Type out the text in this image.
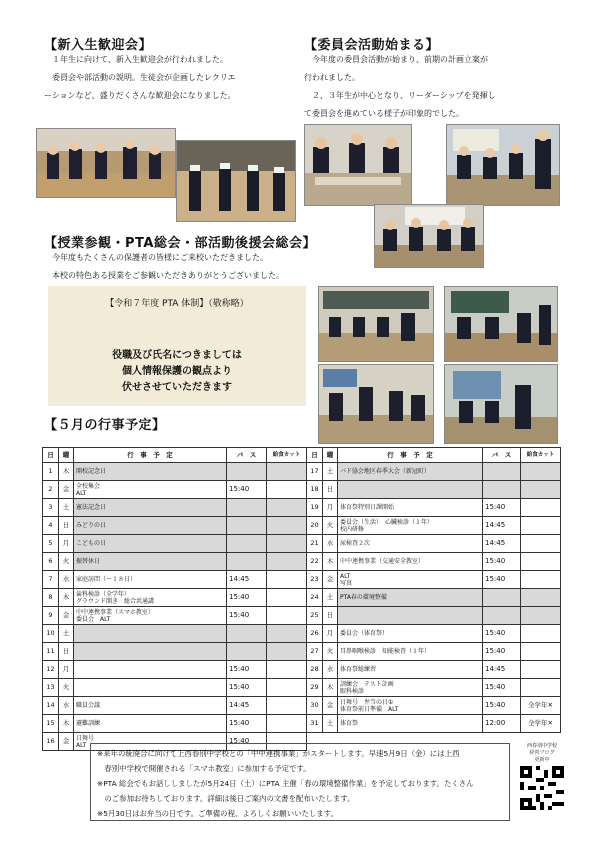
【新入生歓迎会】
１年生に向けて、新入生歓迎会が行われました。
委員会や部活動の説明。生徒会が企画したレクリエ
ーションなど、盛りだくさんな歓迎会になりました。
【委員会活動始まる】
今年度の委員会活動が始まり、前期の計画立案が
行われました。
２，３年生が中心となり、リーダーシップを発揮し
て委員会を進めている様子が印象的でした。
【授業参観・PTA総会・部活動後援会総会】
今年度もたくさんの保護者の皆様にご来校いただきました。
本校の特色ある授業をご参観いただきありがとうございました。
【令和７年度 PTA 体制】（敬称略）
役職及び氏名につきましては
個人情報保護の観点より
伏せさせていただきます
【５月の行事予定】
日	曜	行　事　予　定	バ　ス	給食カット
1	木	開校記念日		
2	金	全校集会
ALT	15:40	
3	土	憲法記念日		
4	日	みどりの日		
5	月	こどもの日		
6	火	振替休日		
7	水	家庭訪問（～１８日）	14:45	
8	木	歯科検診（全学年）
グラウンド開き　総合共通講	15:40	
9	金	中中連携事業（スマホ教室）
委員会　ALT	15:40	
10	土			
11	日			
12	月		15:40	
13	火		15:40	
14	水	職員会議	14:45	
15	木	避難訓練	15:40	
16	金	日舞号
ALT	15:40	
日	曜	行　事　予　定	バ　ス	給食カット
17	土	バド協会地区春季大会（新冠町）		
18	日			
19	月	体育祭特別日課開始	15:40	
20	火	委員会（生活）　心臓検診（１年）
校内研修	14:45	
21	水	尿検査２次	14:45	
22	木	中中連携事業（交通安全教室）	15:40	
23	金	ALT
写真	15:40	
24	土	PTA春の環境整備		
25	日			
26	月	委員会（体育祭）	15:40	
27	火	耳鼻咽喉検診　知能検査（１年）	15:40	
28	水	体育祭総練習	14:45	
29	木	訓練会　テスト計画
眼科検診	15:40	
30	金	日舞号　弁当の日①
体育祭前日準備　ALT	15:40	全学年✕
31	土	体育祭	12:00	全学年✕
※来年の統廃合に向けて上西春別中学校との「中中連携事業」がスタートします。早速5月9日（金）には上西
　春別中学校で開催される「スマホ教室」に参加する予定です。
※PTA 総会でもお話ししましたが5月24日（土）にPTA 主催「春の環境整備作業」を予定しております。たくさん
　のご参加お待ちしております。詳細は後日ご案内の文書を配布いたします。
※5月30日はお弁当の日です。ご準備の程、よろしくお願いいたします。
西春別中学校
経営ブログ
更新中
